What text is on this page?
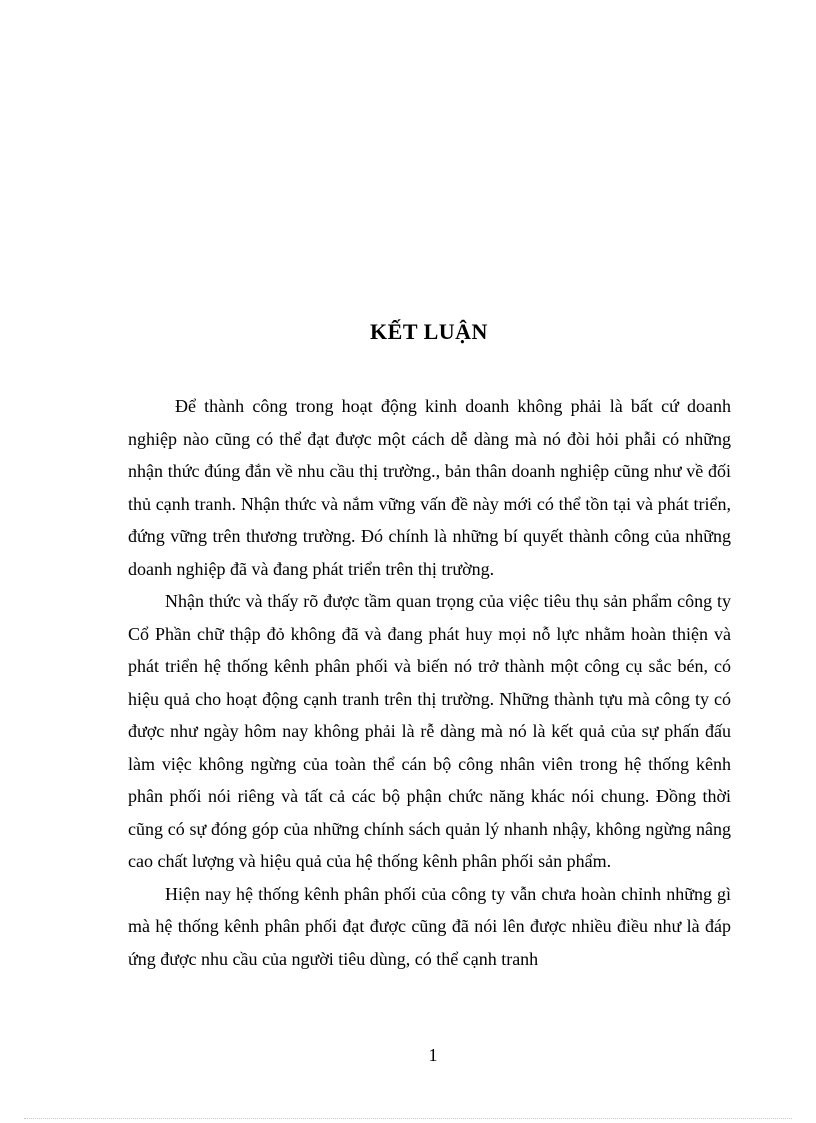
KẾT LUẬN

Để thành công trong hoạt động kinh doanh không phải là bất cứ doanh nghiệp nào cũng có thể đạt được một cách dễ dàng mà nó đòi hỏi phẫi có những nhận thức đúng đắn về nhu cầu thị trường., bản thân doanh nghiệp cũng như về đối thủ cạnh tranh. Nhận thức và nắm vững vấn đề này mới có thể tồn tại và phát triển, đứng vững trên thương trường. Đó chính là những bí quyết thành công của những doanh nghiệp đã và đang phát triển trên thị trường.

Nhận thức và thấy rõ được tầm quan trọng của việc tiêu thụ sản phẩm công ty Cổ Phần chữ thập đỏ không đã và đang phát huy mọi nỗ lực nhằm hoàn thiện và phát triển hệ thống kênh phân phối và biến nó trở thành một công cụ sắc bén, có hiệu quả cho hoạt động cạnh tranh trên thị trường. Những thành tựu mà công ty có được như ngày hôm nay không phải là rễ dàng mà nó là kết quả của sự phấn đấu làm việc không ngừng của toàn thể cán bộ công nhân viên trong hệ thống kênh phân phối nói riêng và tất cả các bộ phận chức năng khác nói chung. Đồng thời cũng có sự đóng góp của những chính sách quản lý nhanh nhậy, không ngừng nâng cao chất lượng và hiệu quả của hệ thống kênh phân phối sản phẩm.

Hiện nay hệ thống kênh phân phối của công ty vẫn chưa hoàn chỉnh những gì mà hệ thống kênh phân phối đạt được cũng đã nói lên được nhiều điều như là đáp ứng được nhu cầu của người tiêu dùng, có thể cạnh tranh

1
